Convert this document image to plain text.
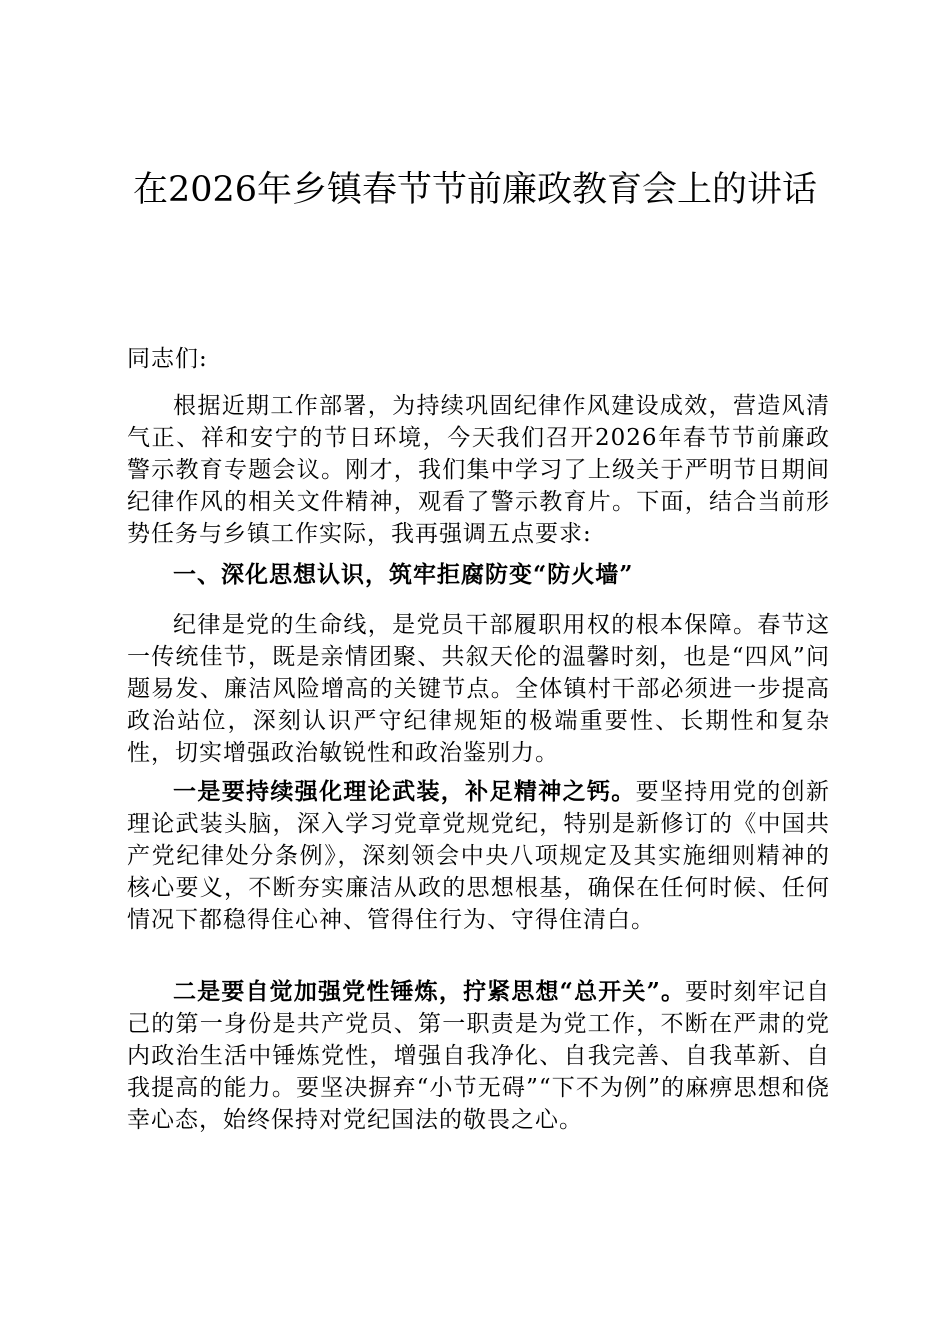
在2026年乡镇春节节前廉政教育会上的讲话
同志们:
根据近期工作部署，为持续巩固纪律作风建设成效，营造风清气正、祥和安宁的节日环境，今天我们召开2026年春节节前廉政警示教育专题会议。刚才，我们集中学习了上级关于严明节日期间纪律作风的相关文件精神，观看了警示教育片。下面，结合当前形势任务与乡镇工作实际，我再强调五点要求:
一、深化思想认识，筑牢拒腐防变“防火墙”
纪律是党的生命线，是党员干部履职用权的根本保障。春节这一传统佳节，既是亲情团聚、共叙天伦的温馨时刻，也是“四风”问题易发、廉洁风险增高的关键节点。全体镇村干部必须进一步提高政治站位，深刻认识严守纪律规矩的极端重要性、长期性和复杂性，切实增强政治敏锐性和政治鉴别力。
一是要持续强化理论武装，补足精神之钙。要坚持用党的创新理论武装头脑，深入学习党章党规党纪，特别是新修订的《中国共产党纪律处分条例》，深刻领会中央八项规定及其实施细则精神的核心要义，不断夯实廉洁从政的思想根基，确保在任何时候、任何情况下都稳得住心神、管得住行为、守得住清白。
二是要自觉加强党性锤炼，拧紧思想“总开关”。要时刻牢记自己的第一身份是共产党员、第一职责是为党工作，不断在严肃的党内政治生活中锤炼党性，增强自我净化、自我完善、自我革新、自我提高的能力。要坚决摒弃“小节无碍”“下不为例”的麻痹思想和侥幸心态，始终保持对党纪国法的敬畏之心。
